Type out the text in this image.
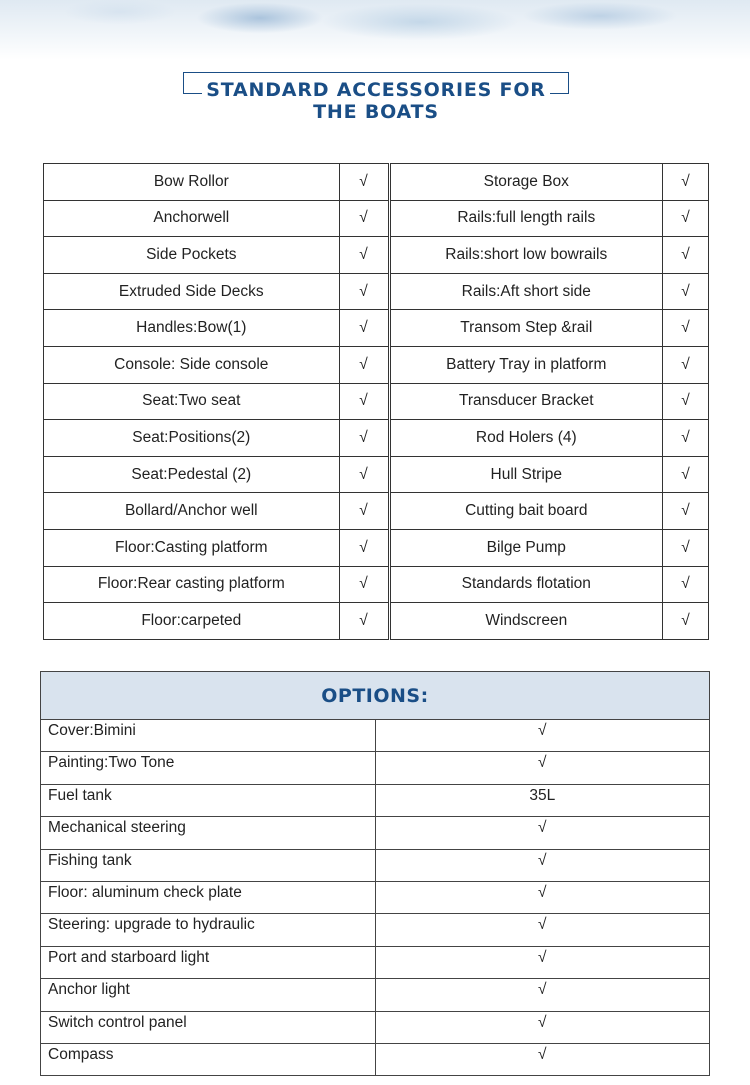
STANDARD ACCESSORIES FOR
THE BOATS
Bow Rollor	√	Storage Box	√
Anchorwell	√	Rails:full length rails	√
Side Pockets	√	Rails:short low bowrails	√
Extruded Side Decks	√	Rails:Aft short side	√
Handles:Bow(1)	√	Transom Step &rail	√
Console: Side console	√	Battery Tray in platform	√
Seat:Two seat	√	Transducer Bracket	√
Seat:Positions(2)	√	Rod Holers (4)	√
Seat:Pedestal (2)	√	Hull Stripe	√
Bollard/Anchor well	√	Cutting bait board	√
Floor:Casting platform	√	Bilge Pump	√
Floor:Rear casting platform	√	Standards flotation	√
Floor:carpeted	√	Windscreen	√
OPTIONS:	
Cover:Bimini	√
Painting:Two Tone	√
Fuel tank	35L
Mechanical steering	√
Fishing tank	√
Floor: aluminum check plate	√
Steering: upgrade to hydraulic	√
Port and starboard light	√
Anchor light	√
Switch control panel	√
Compass	√
